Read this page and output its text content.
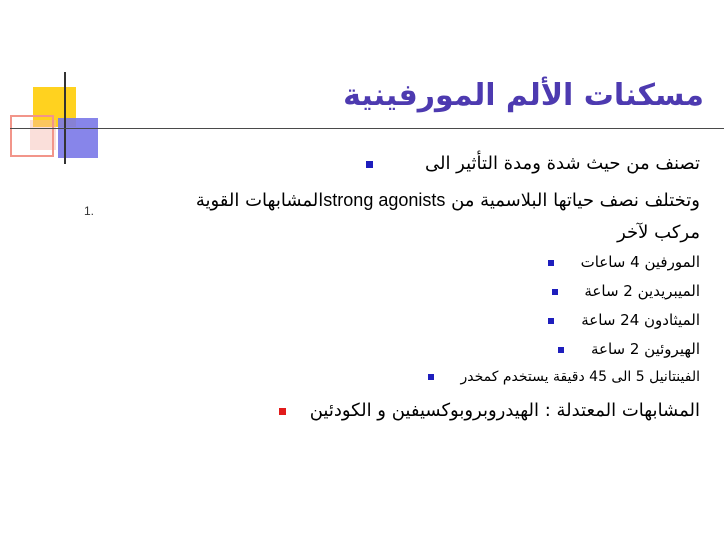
مسكنات الألم المورفينية
تصنف من حيث شدة ومدة التأثير الى
1.	وتختلف نصف حياتها البلاسمية من strong agonistsالمشابهات القوية
مركب لآخر
المورفين 4 ساعات
الميبريدين 2 ساعة
الميثادون 24 ساعة
الهيروئين 2 ساعة
الفينتانيل 5 الى 45 دقيقة يستخدم كمخدر
المشابهات المعتدلة : الهيدروبروبوكسيفين و الكودئين
